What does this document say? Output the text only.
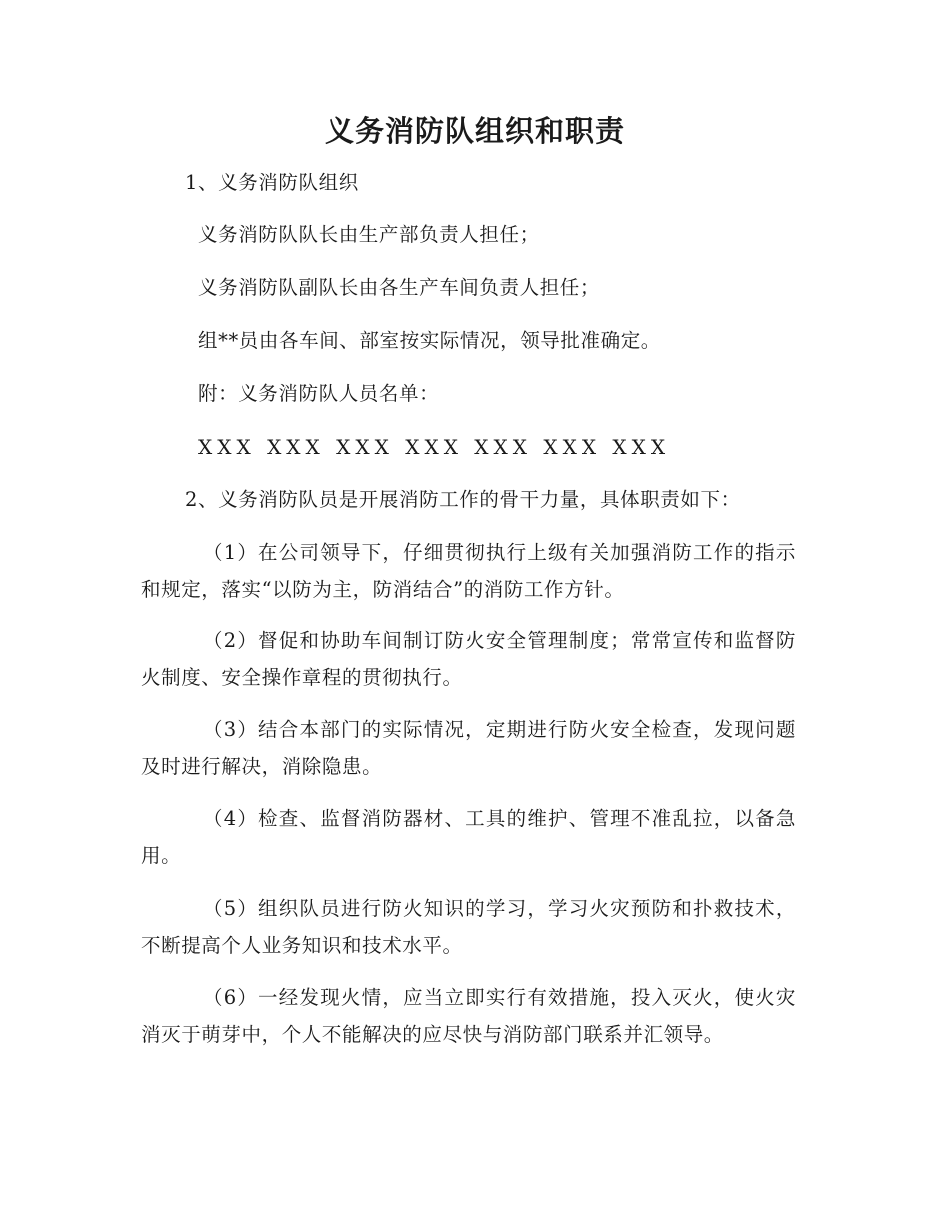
义务消防队组织和职责
1、义务消防队组织
义务消防队队长由生产部负责人担任；
义务消防队副队长由各生产车间负责人担任；
组**员由各车间、部室按实际情况，领导批准确定。
附：义务消防队人员名单：
XXX XXX XXX XXX XXX XXX XXX
2、义务消防队员是开展消防工作的骨干力量，具体职责如下：
（1）在公司领导下，仔细贯彻执行上级有关加强消防工作的指示和规定，落实“以防为主，防消结合”的消防工作方针。
（2）督促和协助车间制订防火安全管理制度；常常宣传和监督防火制度、安全操作章程的贯彻执行。
（3）结合本部门的实际情况，定期进行防火安全检查，发现问题及时进行解决，消除隐患。
（4）检查、监督消防器材、工具的维护、管理不准乱拉，以备急用。
（5）组织队员进行防火知识的学习，学习火灾预防和扑救技术，不断提高个人业务知识和技术水平。
（6）一经发现火情，应当立即实行有效措施，投入灭火，使火灾消灭于萌芽中，个人不能解决的应尽快与消防部门联系并汇领导。
